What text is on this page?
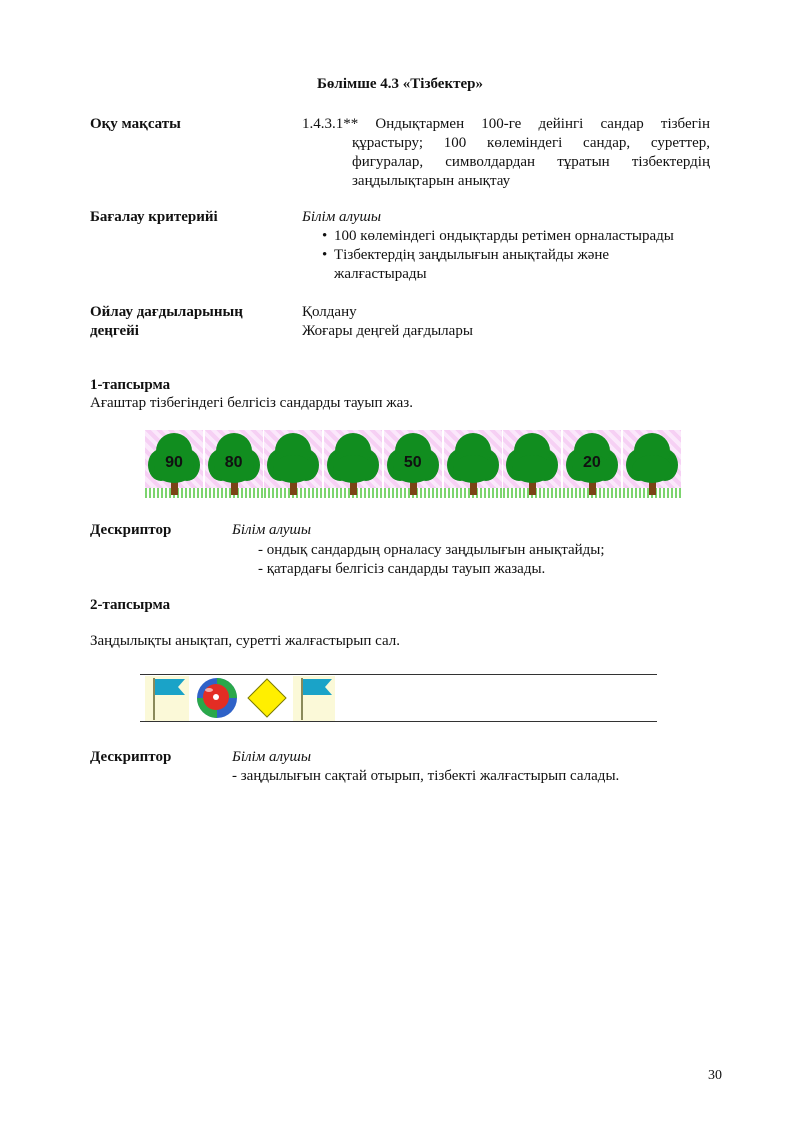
Бөлімше 4.3 «Тізбектер»
Оқу мақсаты	1.4.3.1** Ондықтармен 100-ге дейінгі сандар тізбегін
құрастыру; 100 көлеміндегі сандар, суреттер,
фигуралар, символдардан тұратын тізбектердің
заңдылықтарын анықтау
Бағалау критерийі	Білім алушы
• 100 көлеміндегі ондықтарды ретімен орналастырады
• Тізбектердің заңдылығын анықтайды және жалғастырады
Ойлау дағдыларының
деңгейі
Қолдану
Жоғары деңгей дағдылары
1-тапсырма
Ағаштар тізбегіндегі белгісіз сандарды тауып жаз.
90	80	50	20
Дескриптор	Білім алушы
- ондық сандардың орналасу заңдылығын анықтайды;
- қатардағы белгісіз сандарды тауып жазады.
2-тапсырма
Заңдылықты анықтап, суретті жалғастырып сал.
Дескриптор	Білім алушы
- заңдылығын сақтай отырып, тізбекті жалғастырып салады.
30
